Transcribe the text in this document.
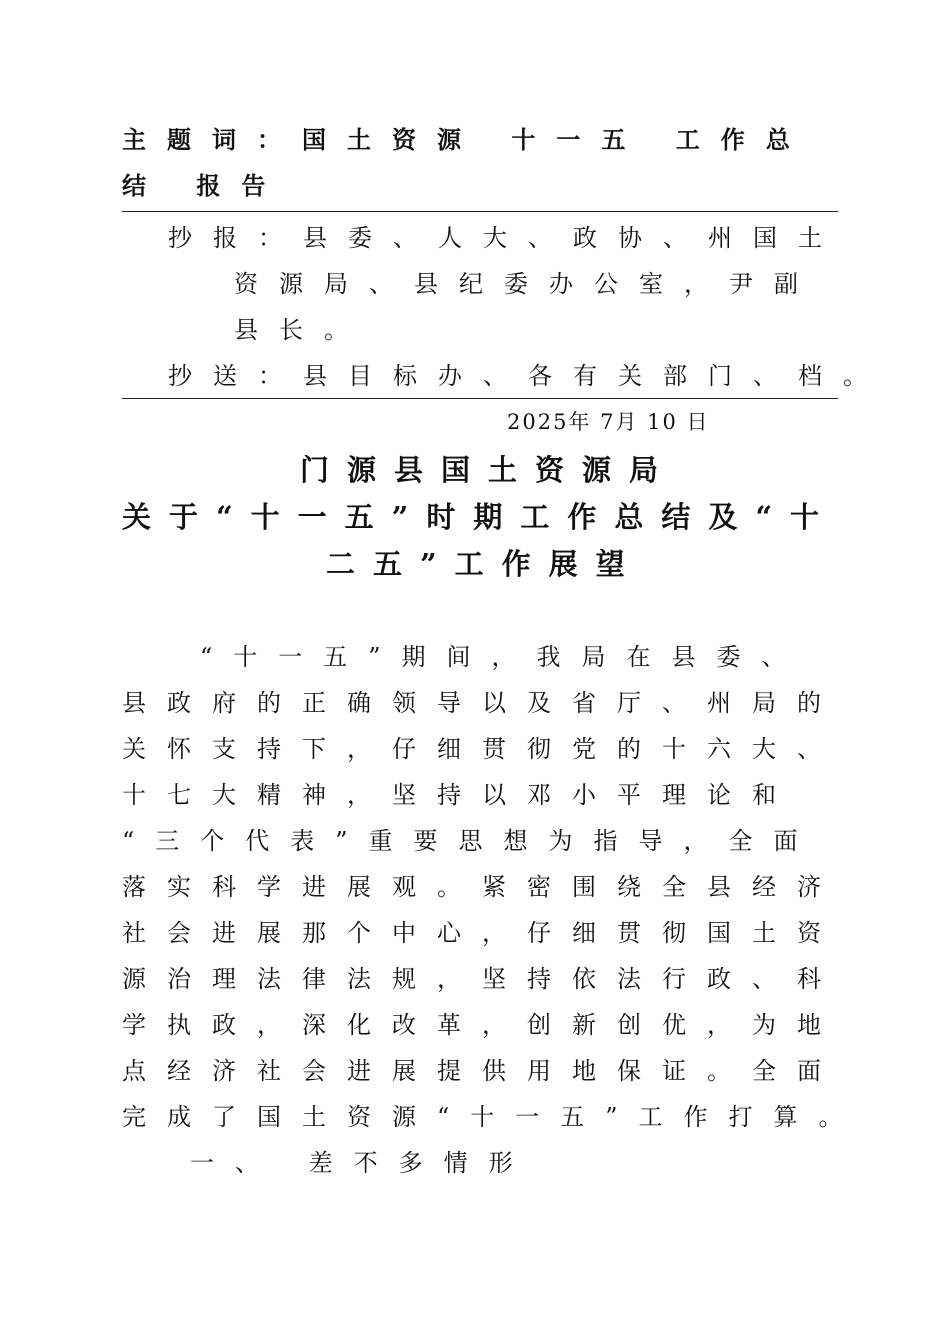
主题词：国土资源 十一五 工作总
结 报告
抄报：县委、人大、政协、州国土
资源局、县纪委办公室，尹副
县长。
抄送：县目标办、各有关部门、档。
2025年 7月 10 日
门源县国土资源局
关于“十一五”时期工作总结及“十
二五”工作展望
“十一五”期间，我局在县委、
县政府的正确领导以及省厅、州局的
关怀支持下，仔细贯彻党的十六大、
十七大精神，坚持以邓小平理论和
“三个代表”重要思想为指导，全面
落实科学进展观。紧密围绕全县经济
社会进展那个中心，仔细贯彻国土资
源治理法律法规，坚持依法行政、科
学执政，深化改革，创新创优，为地
点经济社会进展提供用地保证。全面
完成了国土资源“十一五”工作打算。
一、 差不多情形
